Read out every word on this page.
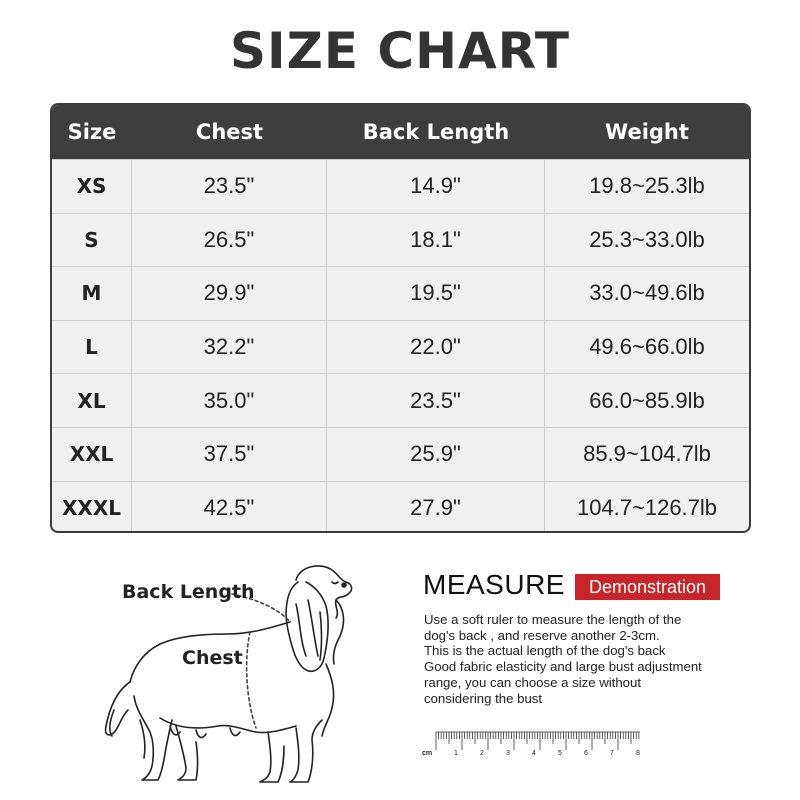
SIZE CHART
Size	Chest	Back Length	Weight
XS	23.5"	14.9"	19.8~25.3lb
S	26.5"	18.1"	25.3~33.0lb
M	29.9"	19.5"	33.0~49.6lb
L	32.2"	22.0"	49.6~66.0lb
XL	35.0"	23.5"	66.0~85.9lb
XXL	37.5"	25.9"	85.9~104.7lb
XXXL	42.5"	27.9"	104.7~126.7lb
Back Length
Chest
MEASURE	Demonstration
Use a soft ruler to measure the length of the
dog's back , and reserve another 2-3cm.
This is the actual length of the dog's back
Good fabric elasticity and large bust adjustment
range, you can choose a size without
considering the bust
cm	1	2	3	4	5	6	7	8
